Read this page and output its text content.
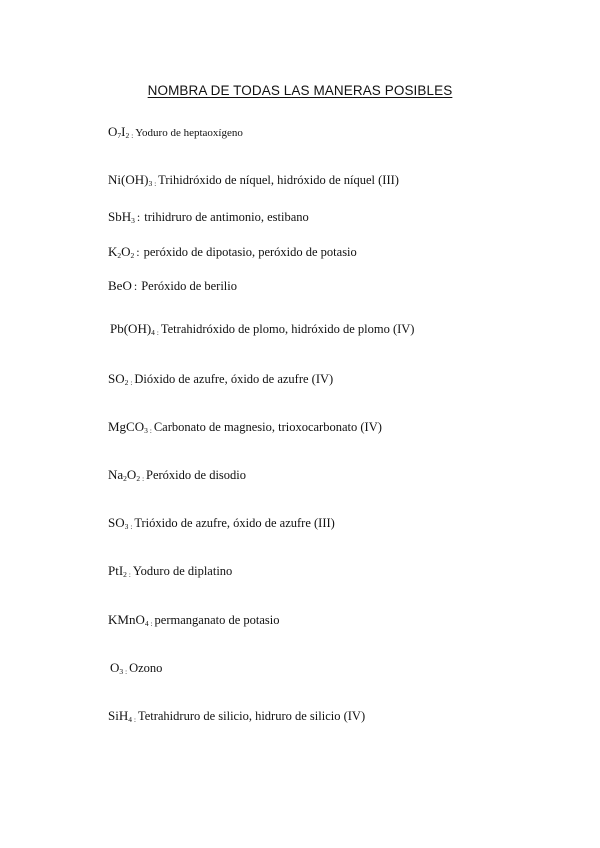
NOMBRA DE TODAS LAS MANERAS POSIBLES
$O_7I_2$ : Yoduro de heptaoxígeno
$Ni(OH)_3$ : Trihidróxido de níquel, hidróxido de níquel (III)
SbH$_3$ : trihidruro de antimonio, estibano
$K_2O_2$ : peróxido de dipotasio, peróxido de potasio
BeO : Peróxido de berilio
$Pb(OH)_4$ : Tetrahidróxido de plomo, hidróxido de plomo (IV)
$SO_2$ : Dióxido de azufre, óxido de azufre (IV)
MgCO$_3$ : Carbonato de magnesio, trioxocarbonato (IV)
$Na_2O_2$ : Peróxido de disodio
$SO_3$ : Trióxido de azufre, óxido de azufre (III)
PtI$_2$ : Yoduro de diplatino
KMnO$_4$ : permanganato de potasio
$O_3$ : Ozono
SiH$_4$ : Tetrahidruro de silicio, hidruro de silicio (IV)
